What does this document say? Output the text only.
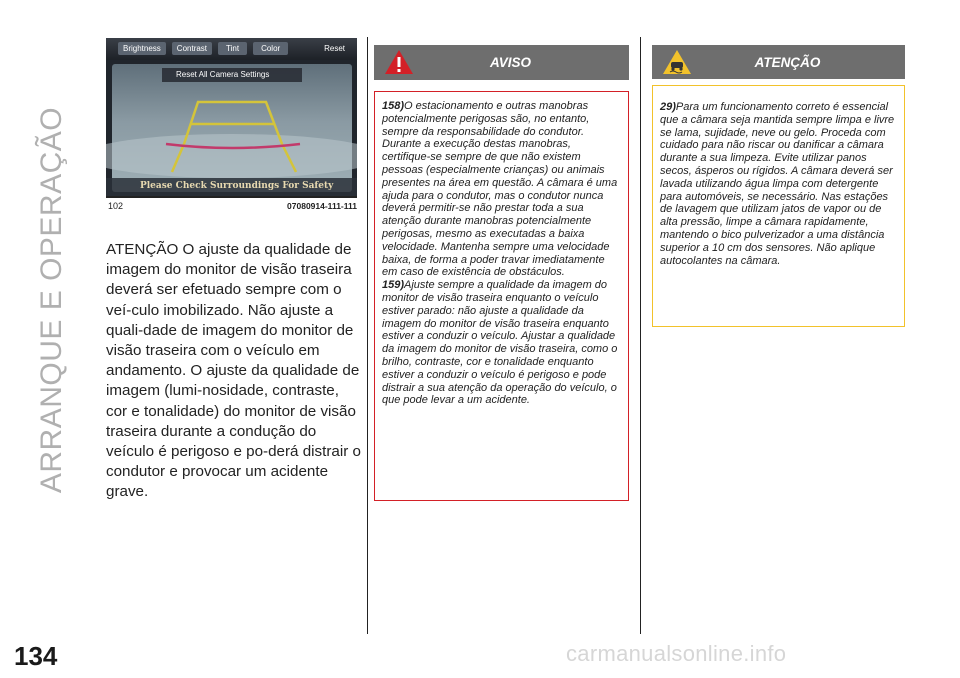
ARRANQUE E OPERAÇÃO
Brightness	Contrast	Tint	Color	Reset
Reset All Camera Settings
Please Check Surroundings For Safety
102	07080914-111-111
ATENÇÃO O ajuste da qualidade de imagem do monitor de visão traseira deverá ser efetuado sempre com o veí-culo imobilizado. Não ajuste a quali-dade de imagem do monitor de visão traseira com o veículo em andamento. O ajuste da qualidade de imagem (lumi-nosidade, contraste, cor e tonalidade) do monitor de visão traseira durante a condução do veículo é perigoso e po-derá distrair o condutor e provocar um acidente grave.
AVISO

158)O estacionamento e outras manobras potencialmente perigosas são, no entanto, sempre da responsabilidade do condutor. Durante a execução destas manobras, certifique-se sempre de que não existem pessoas (especialmente crianças) ou animais presentes na área em questão. A câmara é uma ajuda para o condutor, mas o condutor nunca deverá permitir-se não prestar toda a sua atenção durante manobras potencialmente perigosas, mesmo as executadas a baixa velocidade. Mantenha sempre uma velocidade baixa, de forma a poder travar imediatamente em caso de existência de obstáculos.

159)Ajuste sempre a qualidade da imagem do monitor de visão traseira enquanto o veículo estiver parado: não ajuste a qualidade da imagem do monitor de visão traseira enquanto estiver a conduzir o veículo. Ajustar a qualidade da imagem do monitor de visão traseira, como o brilho, contraste, cor e tonalidade enquanto estiver a conduzir o veículo é perigoso e pode distrair a sua atenção da operação do veículo, o que pode levar a um acidente.

ATENÇÃO

29)Para um funcionamento correto é essencial que a câmara seja mantida sempre limpa e livre se lama, sujidade, neve ou gelo. Proceda com cuidado para não riscar ou danificar a câmara durante a sua limpeza. Evite utilizar panos secos, ásperos ou rígidos. A câmara deverá ser lavada utilizando água limpa com detergente para automóveis, se necessário. Nas estações de lavagem que utilizam jatos de vapor ou de alta pressão, limpe a câmara rapidamente, mantendo o bico pulverizador a uma distância superior a 10 cm dos sensores. Não aplique autocolantes na câmara.

134	carmanualsonline.info
